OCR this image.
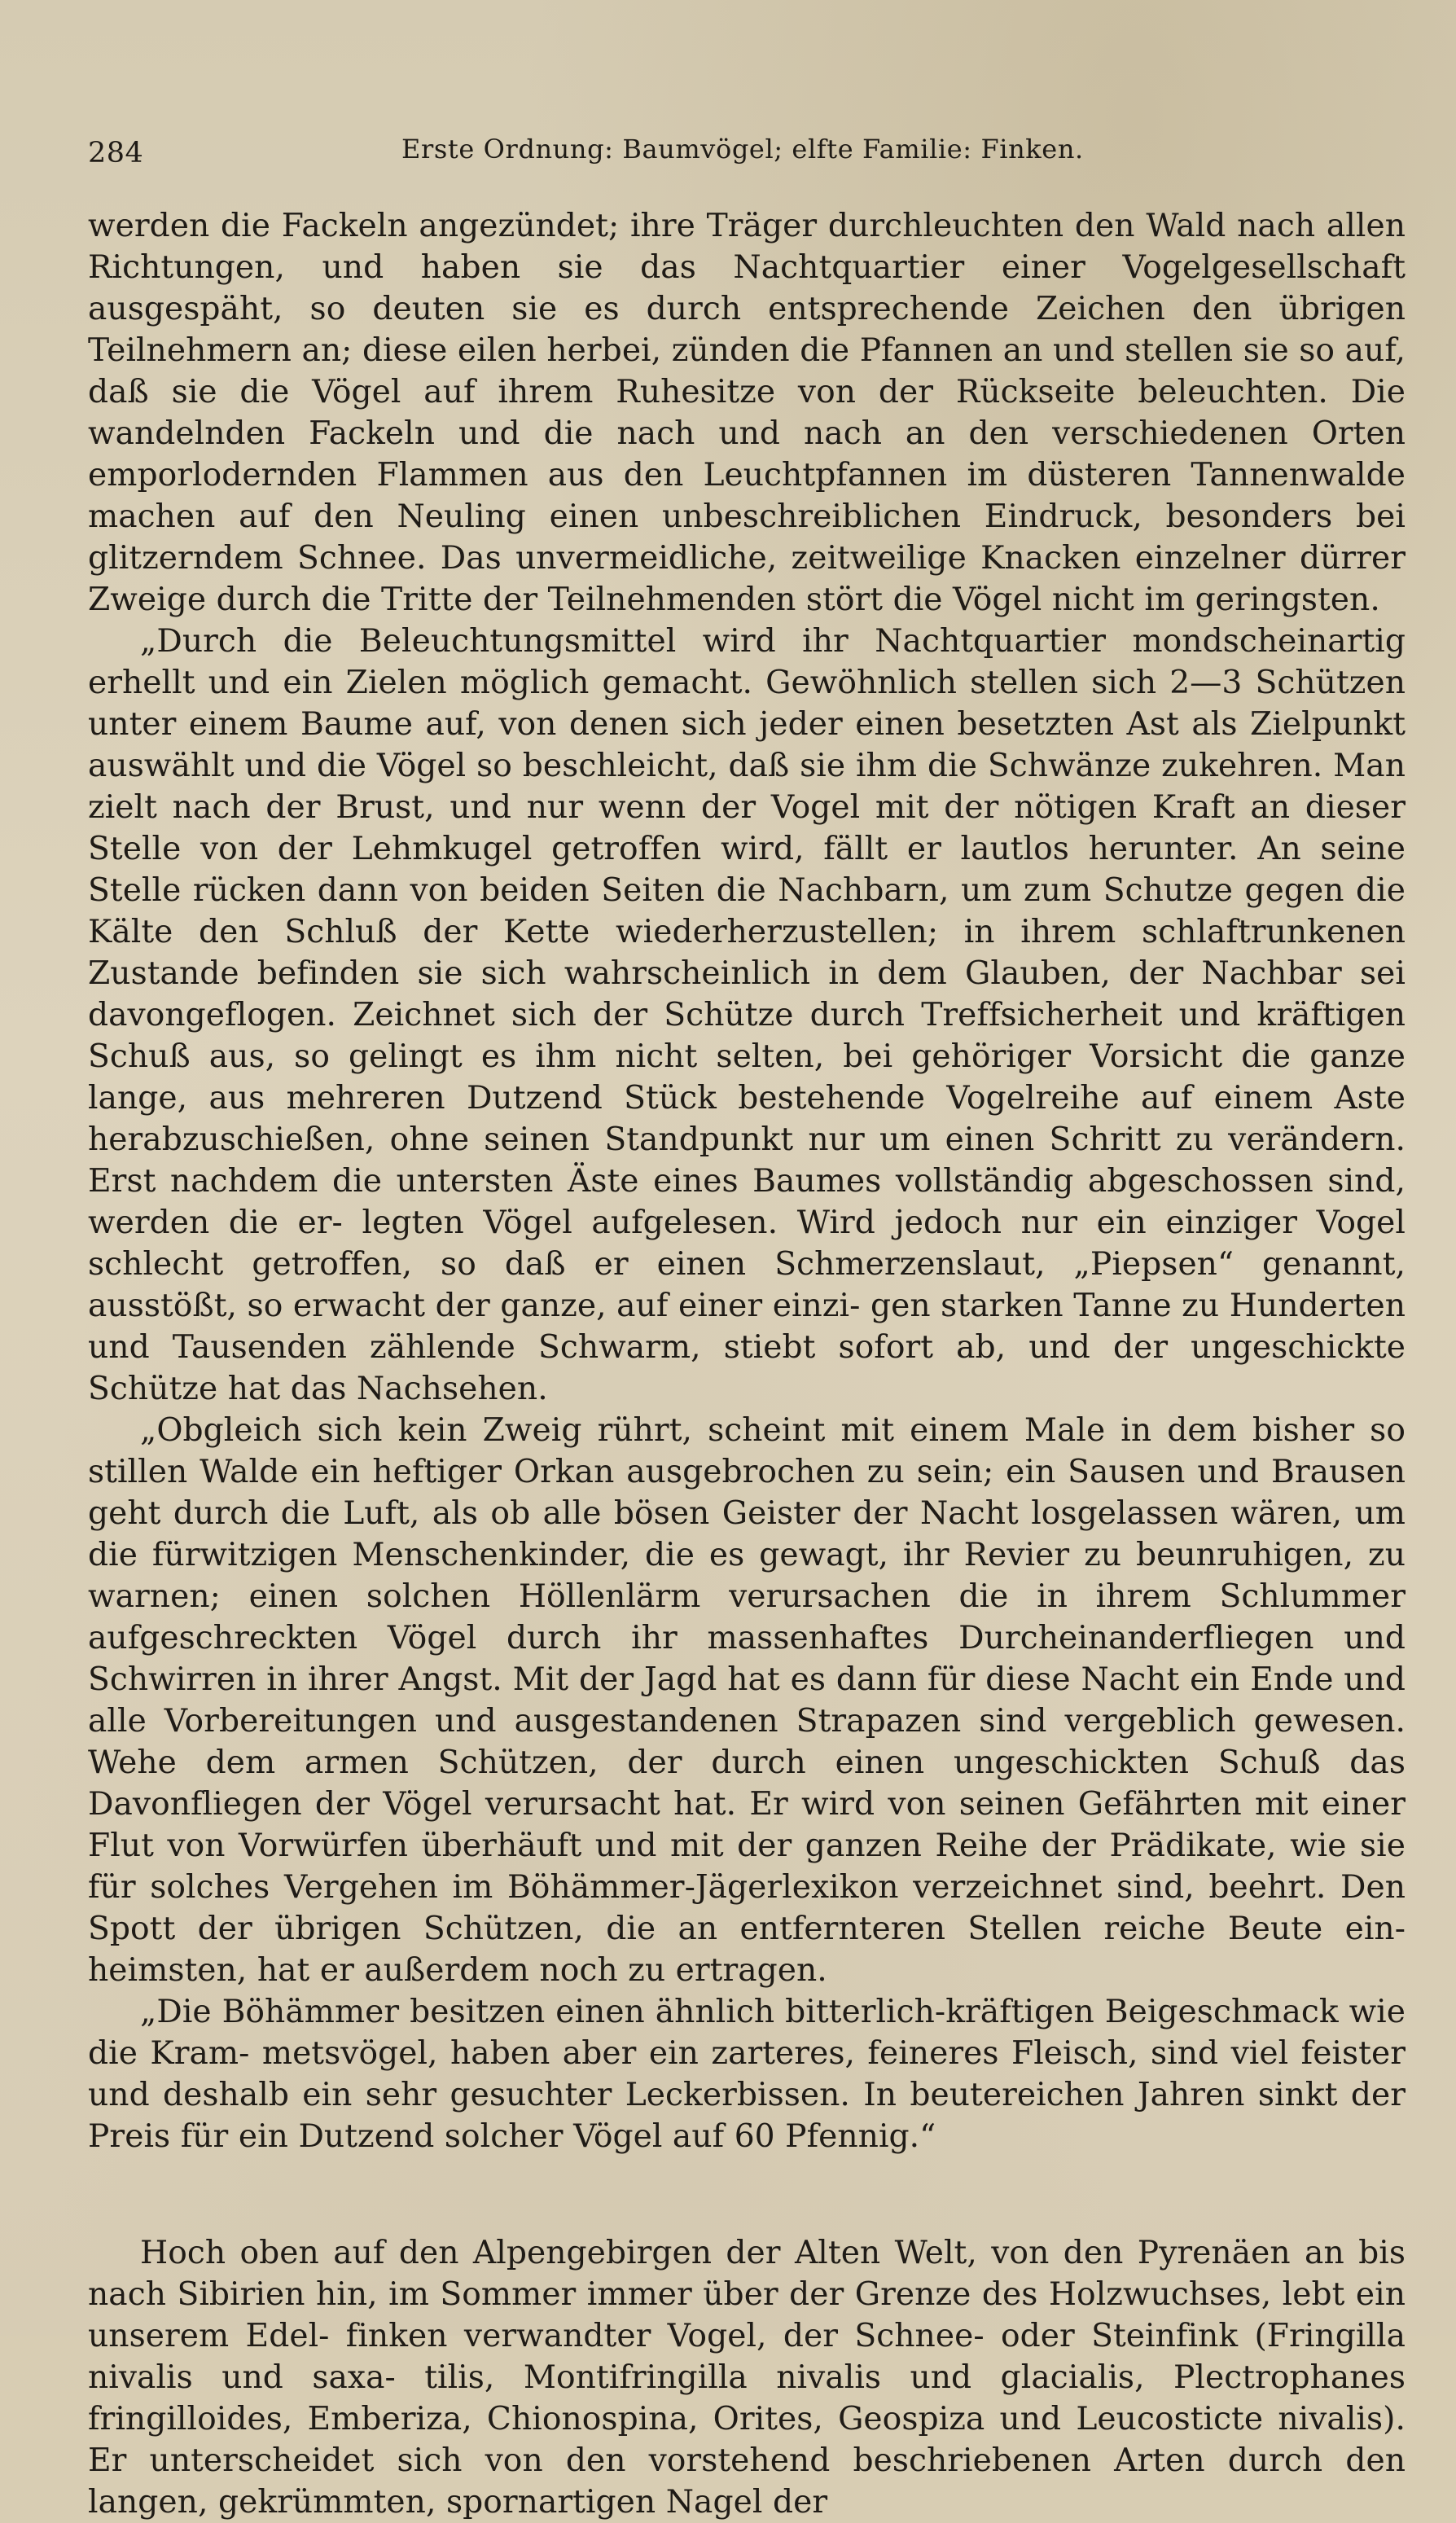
284	Erste Ordnung: Baumvögel; elfte Familie: Finken.

werden die Fackeln angezündet; ihre Träger durchleuchten den Wald nach allen Richtungen, und haben sie das Nachtquartier einer Vogelgesellschaft ausgespäht, so deuten sie es durch entsprechende Zeichen den übrigen Teilnehmern an; diese eilen herbei, zünden die Pfannen an und stellen sie so auf, daß sie die Vögel auf ihrem Ruhesitze von der Rückseite beleuchten. Die wandelnden Fackeln und die nach und nach an den verschiedenen Orten emporlodernden Flammen aus den Leuchtpfannen im düsteren Tannenwalde machen auf den Neuling einen unbeschreiblichen Eindruck, besonders bei glitzerndem Schnee. Das unvermeidliche, zeitweilige Knacken einzelner dürrer Zweige durch die Tritte der Teilnehmenden stört die Vögel nicht im geringsten.

„Durch die Beleuchtungsmittel wird ihr Nachtquartier mondscheinartig erhellt und ein Zielen möglich gemacht. Gewöhnlich stellen sich 2—3 Schützen unter einem Baume auf, von denen sich jeder einen besetzten Ast als Zielpunkt auswählt und die Vögel so beschleicht, daß sie ihm die Schwänze zukehren. Man zielt nach der Brust, und nur wenn der Vogel mit der nötigen Kraft an dieser Stelle von der Lehmkugel getroffen wird, fällt er lautlos herunter. An seine Stelle rücken dann von beiden Seiten die Nachbarn, um zum Schutze gegen die Kälte den Schluß der Kette wiederherzustellen; in ihrem schlaftrunkenen Zustande befinden sie sich wahrscheinlich in dem Glauben, der Nachbar sei davongeflogen. Zeichnet sich der Schütze durch Treffsicherheit und kräftigen Schuß aus, so gelingt es ihm nicht selten, bei gehöriger Vorsicht die ganze lange, aus mehreren Dutzend Stück bestehende Vogelreihe auf einem Aste herabzuschießen, ohne seinen Standpunkt nur um einen Schritt zu verändern. Erst nachdem die untersten Äste eines Baumes vollständig abgeschossen sind, werden die er- legten Vögel aufgelesen. Wird jedoch nur ein einziger Vogel schlecht getroffen, so daß er einen Schmerzenslaut, „Piepsen“ genannt, ausstößt, so erwacht der ganze, auf einer einzi- gen starken Tanne zu Hunderten und Tausenden zählende Schwarm, stiebt sofort ab, und der ungeschickte Schütze hat das Nachsehen.

„Obgleich sich kein Zweig rührt, scheint mit einem Male in dem bisher so stillen Walde ein heftiger Orkan ausgebrochen zu sein; ein Sausen und Brausen geht durch die Luft, als ob alle bösen Geister der Nacht losgelassen wären, um die fürwitzigen Menschenkinder, die es gewagt, ihr Revier zu beunruhigen, zu warnen; einen solchen Höllenlärm verursachen die in ihrem Schlummer aufgeschreckten Vögel durch ihr massenhaftes Durcheinanderfliegen und Schwirren in ihrer Angst. Mit der Jagd hat es dann für diese Nacht ein Ende und alle Vorbereitungen und ausgestandenen Strapazen sind vergeblich gewesen. Wehe dem armen Schützen, der durch einen ungeschickten Schuß das Davonfliegen der Vögel verursacht hat. Er wird von seinen Gefährten mit einer Flut von Vorwürfen überhäuft und mit der ganzen Reihe der Prädikate, wie sie für solches Vergehen im Böhämmer-Jägerlexikon verzeichnet sind, beehrt. Den Spott der übrigen Schützen, die an entfernteren Stellen reiche Beute ein- heimsten, hat er außerdem noch zu ertragen.

„Die Böhämmer besitzen einen ähnlich bitterlich-kräftigen Beigeschmack wie die Kram- metsvögel, haben aber ein zarteres, feineres Fleisch, sind viel feister und deshalb ein sehr gesuchter Leckerbissen. In beutereichen Jahren sinkt der Preis für ein Dutzend solcher Vögel auf 60 Pfennig.“

Hoch oben auf den Alpengebirgen der Alten Welt, von den Pyrenäen an bis nach Sibirien hin, im Sommer immer über der Grenze des Holzwuchses, lebt ein unserem Edel- finken verwandter Vogel, der Schnee- oder Steinfink (Fringilla nivalis und saxa- tilis, Montifringilla nivalis und glacialis, Plectrophanes fringilloides, Emberiza, Chionospina, Orites, Geospiza und Leucosticte nivalis). Er unterscheidet sich von den vorstehend beschriebenen Arten durch den langen, gekrümmten, spornartigen Nagel der
